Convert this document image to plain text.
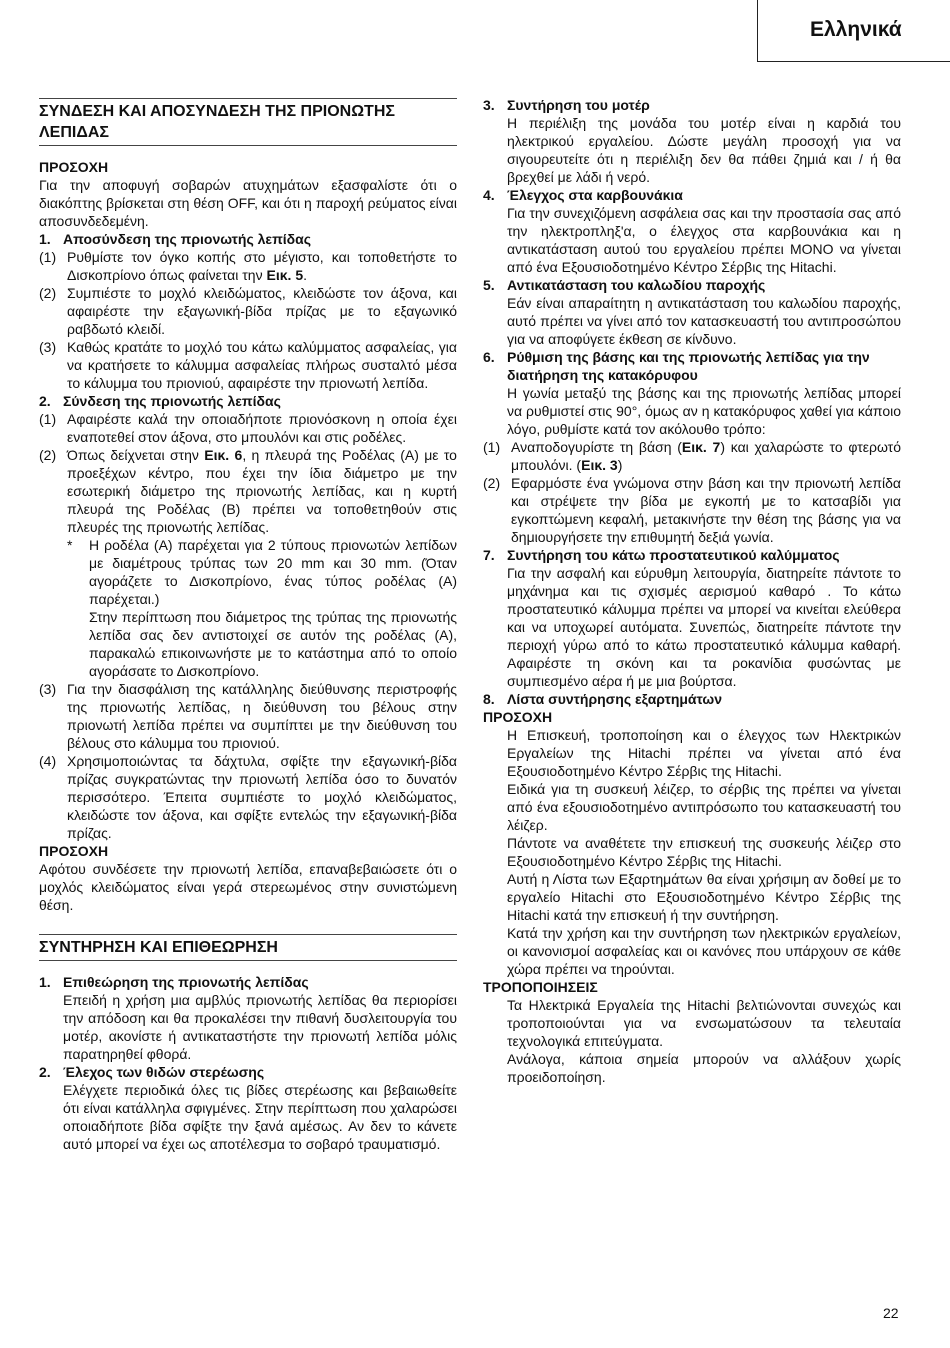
Ελληνικά
ΣΥΝΔΕΣΗ ΚΑΙ ΑΠΟΣΥΝΔΕΣΗ ΤΗΣ ΠΡΙΟΝΩΤΗΣ ΛΕΠΙΔΑΣ

ΠΡΟΣΟΧΗ

Για την αποφυγή σοβαρών ατυχημάτων εξασφαλίστε ότι ο διακόπτης βρίσκεται στη θέση OFF, και ότι η παροχή ρεύματος είναι αποσυνδεδεμένη.

1. Αποσύνδεση της πριονωτής λεπίδας
(1) Ρυθμίστε τον όγκο κοπής στο μέγιστο, και τοποθετήστε το Δισκοπρίονο όπως φαίνεται την Εικ. 5.

(2) Συμπιέστε το μοχλό κλειδώματος, κλειδώστε τον άξονα, και αφαιρέστε την εξαγωνική-βίδα πρίζας με το εξαγωνικό ραβδωτό κλειδί.

(3) Καθώς κρατάτε το μοχλό του κάτω καλύμματος ασφαλείας, για να κρατήσετε το κάλυμμα ασφαλείας πλήρως συσταλτό μέσα το κάλυμμα του πριονιού, αφαιρέστε την πριονωτή λεπίδα.

2. Σύνδεση της πριονωτής λεπίδας
(1) Αφαιρέστε καλά την οποιαδήποτε πριονόσκονη η οποία έχει εναποτεθεί στον άξονα, στο μπουλόνι και στις ροδέλες.

(2) Όπως δείχνεται στην Εικ. 6, η πλευρά της Ροδέλας (A) με το προεξέχων κέντρο, που έχει την ίδια διάμετρο με την εσωτερική διάμετρο της πριονωτής λεπίδας, και η κυρτή πλευρά της Ροδέλας (B) πρέπει να τοποθετηθούν στις πλευρές της πριονωτής λεπίδας.

*	Η ροδέλα (A) παρέχεται για 2 τύπους πριονωτών λεπίδων με διαμέτρους τρύπας των 20 mm και 30 mm. (Όταν αγοράζετε το Δισκοπρίονο, ένας τύπος ροδέλας (A) παρέχεται.)

Στην περίπτωση που διάμετρος της τρύπας της πριονωτής λεπίδα σας δεν αντιστοιχεί σε αυτόν της ροδέλας (A), παρακαλώ επικοινωνήστε με το κατάστημα από το οποίο αγοράσατε το Δισκοπρίονο.

(3) Για την διασφάλιση της κατάλληλης διεύθυνσης περιστροφής της πριονωτής λεπίδας, η διεύθυνση του βέλους στην πριονωτή λεπίδα πρέπει να συμπίπτει με την διεύθυνση του βέλους στο κάλυμμα του πριονιού.

(4) Χρησιμοποιώντας τα δάχτυλα, σφίξτε την εξαγωνική-βίδα πρίζας συγκρατώντας την πριονωτή λεπίδα όσο το δυνατόν περισσότερο. Έπειτα συμπιέστε το μοχλό κλειδώματος, κλειδώστε τον άξονα, και σφίξτε εντελώς την εξαγωνική-βίδα πρίζας.

ΠΡΟΣΟΧΗ

Αφότου συνδέσετε την πριονωτή λεπίδα, επαναβεβαιώσετε ότι ο μοχλός κλειδώματος είναι γερά στερεωμένος στην συνιστώμενη θέση.

ΣΥΝΤΗΡΗΣΗ ΚΑΙ ΕΠΙΘΕΩΡΗΣΗ
1. Επιθεώρηση της πριονωτής λεπίδας

Επειδή η χρήση μια αμβλύς πριονωτής λεπίδας θα περιορίσει την απόδοση και θα προκαλέσει την πιθανή δυσλειτουργία του μοτέρ, ακονίστε ή αντικαταστήστε την πριονωτή λεπίδα μόλις παρατηρηθεί φθορά.

2. Έλεχος των θιδών στερέωσης

Ελέγχετε περιοδικά όλες τις βίδες στερέωσης και βεβαιωθείτε ότι είναι κατάλληλα σφιγμένες. Στην περίπτωση που χαλαρώσει οποιαδήποτε βίδα σφίξτε την ξανά αμέσως. Αν δεν το κάνετε αυτό μπορεί να έχει ως αποτέλεσμα το σοβαρό τραυματισμό.

3. Συντήρηση του μοτέρ

Η περιέλιξη της μονάδα του μοτέρ είναι η καρδιά του ηλεκτρικού εργαλείου. Δώστε μεγάλη προσοχή για να σιγουρευτείτε ότι η περιέλιξη δεν θα πάθει ζημιά και / ή θα βρεχθεί με λάδι ή νερό.

4. Έλεγχος στα καρβουνάκια

Για την συνεχιζόμενη ασφάλεια σας και την προστασία σας από την ηλεκτροπληξ'α, ο έλεγχος στα καρβουνάκια και η αντικατάσταση αυτού του εργαλείου πρέπει ΜΟΝΟ να γίνεται από ένα Εξουσιοδοτημένο Κέντρο Σέρβις της Hitachi.

5. Αντικατάσταση του καλωδίου παροχής

Εάν είναι απαραίτητη η αντικατάσταση του καλωδίου παροχής, αυτό πρέπει να γίνει από τον κατασκευαστή του αντιπροσώπου για να αποφύγετε έκθεση σε κίνδυνο.

6. Ρύθμιση της βάσης και της πριονωτής λεπίδας για την διατήρηση της κατακόρυφου

Η γωνία μεταξύ της βάσης και της πριονωτής λεπίδας μπορεί να ρυθμιστεί στις 90°, όμως αν η κατακόρυφος χαθεί για κάποιο λόγο, ρυθμίστε κατά τον ακόλουθο τρόπο:

(1) Αναποδογυρίστε τη βάση (Εικ. 7) και χαλαρώστε το φτερωτό μπουλόνι. (Εικ. 3)

(2) Εφαρμόστε ένα γνώμονα στην βάση και την πριονωτή λεπίδα και στρέψετε την βίδα με εγκοπή με το κατσαβίδι για εγκοπτώμενη κεφαλή, μετακινήστε την θέση της βάσης για να δημιουργήσετε την επιθυμητή δεξιά γωνία.

7. Συντήρηση του κάτω προστατευτικού καλύμματος

Για την ασφαλή και εύρυθμη λειτουργία, διατηρείτε πάντοτε το μηχάνημα και τις σχισμές αερισμού καθαρό . Το κάτω προστατευτικό κάλυμμα πρέπει να μπορεί να κινείται ελεύθερα και να υποχωρεί αυτόματα. Συνεπώς, διατηρείτε πάντοτε την περιοχή γύρω από το κάτω προστατευτικό κάλυμμα καθαρή. Αφαιρέστε τη σκόνη και τα ροκανίδια φυσώντας με συμπιεσμένο αέρα ή με μια βούρτσα.

8. Λίστα συντήρησης εξαρτημάτων

ΠΡΟΣΟΧΗ

Η Επισκευή, τροποποίηση και ο έλεγχος των Ηλεκτρικών Εργαλείων της Hitachi πρέπει να γίνεται από ένα Εξουσιοδοτημένο Κέντρο Σέρβις της Hitachi.

Ειδικά για τη συσκευή λέιζερ, το σέρβις της πρέπει να γίνεται από ένα εξουσιοδοτημένο αντιπρόσωπο του κατασκευαστή του λέιζερ.

Πάντοτε να αναθέτετε την επισκευή της συσκευής λέιζερ στο Εξουσιοδοτημένο Κέντρο Σέρβις της Hitachi.

Αυτή η Λίστα των Εξαρτημάτων θα είναι χρήσιμη αν δοθεί με το εργαλείο Hitachi στο Εξουσιοδοτημένο Κέντρο Σέρβις της Hitachi κατά την επισκευή ή την συντήρηση.

Κατά την χρήση και την συντήρηση των ηλεκτρικών εργαλείων, οι κανονισμοί ασφαλείας και οι κανόνες που υπάρχουν σε κάθε χώρα πρέπει να τηρούνται.

ΤΡΟΠΟΠΟΙΗΣΕΙΣ

Τα Ηλεκτρικά Εργαλεία της Hitachi βελτιώνονται συνεχώς και τροποποιούνται για να ενσωματώσουν τα τελευταία τεχνολογικά επιτεύγματα.

Ανάλογα, κάποια σημεία μπορούν να αλλάξουν χωρίς προειδοποίηση.

22
